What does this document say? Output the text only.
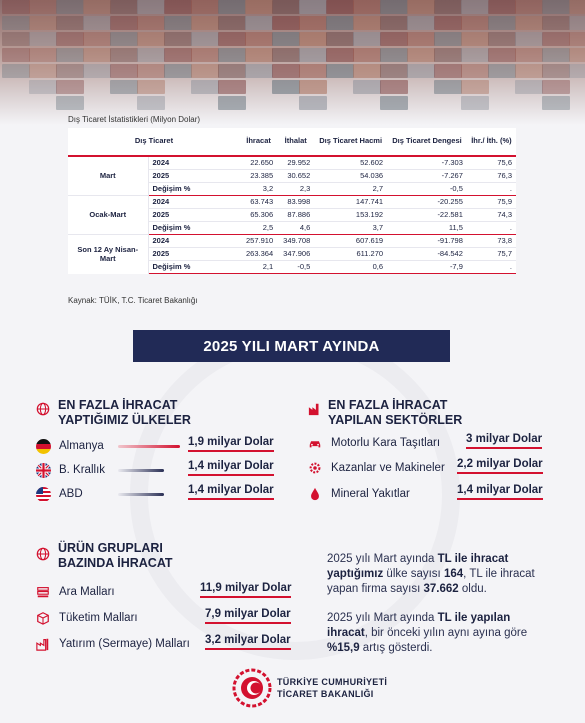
Dış Ticaret İstatistikleri (Milyon Dolar)
Dış Ticaret		İhracat	İthalat	Dış Ticaret Hacmi	Dış Ticaret Dengesi	İhr./ İth. (%)
Mart	2024	22.650	29.952	52.602	-7.303	75,6
	2025	23.385	30.652	54.036	-7.267	76,3
	Değişim %	3,2	2,3	2,7	-0,5	.
Ocak-Mart	2024	63.743	83.998	147.741	-20.255	75,9
	2025	65.306	87.886	153.192	-22.581	74,3
	Değişim %	2,5	4,6	3,7	11,5	.
Son 12 Ay Nisan-Mart	2024	257.910	349.708	607.619	-91.798	73,8
	2025	263.364	347.906	611.270	-84.542	75,7
	Değişim %	2,1	-0,5	0,6	-7,9	.
Kaynak: TÜİK, T.C. Ticaret Bakanlığı
2025 YILI MART AYINDA
EN FAZLA İHRACAT
YAPTIĞIMIZ ÜLKELER
Almanya	1,9 milyar Dolar
B. Krallık	1,4 milyar Dolar
ABD	1,4 milyar Dolar
EN FAZLA İHRACAT
YAPILAN SEKTÖRLER
Motorlu Kara Taşıtları 3 milyar Dolar
Kazanlar ve Makineler 2,2 milyar Dolar
Mineral Yakıtlar	1,4 milyar Dolar
ÜRÜN GRUPLARI
BAZINDA İHRACAT
Ara Malları	11,9 milyar Dolar
Tüketim Malları	7,9 milyar Dolar
Yatırım (Sermaye) Malları 3,2 milyar Dolar
2025 yılı Mart ayında TL ile ihracat yaptığımız ülke sayısı 164, TL ile ihracat yapan firma sayısı 37.662 oldu.
2025 yılı Mart ayında TL ile yapılan ihracat, bir önceki yılın aynı ayına göre %15,9 artış gösterdi.
TÜRKİYE CUMHURİYETİ
TİCARET BAKANLIĞI
